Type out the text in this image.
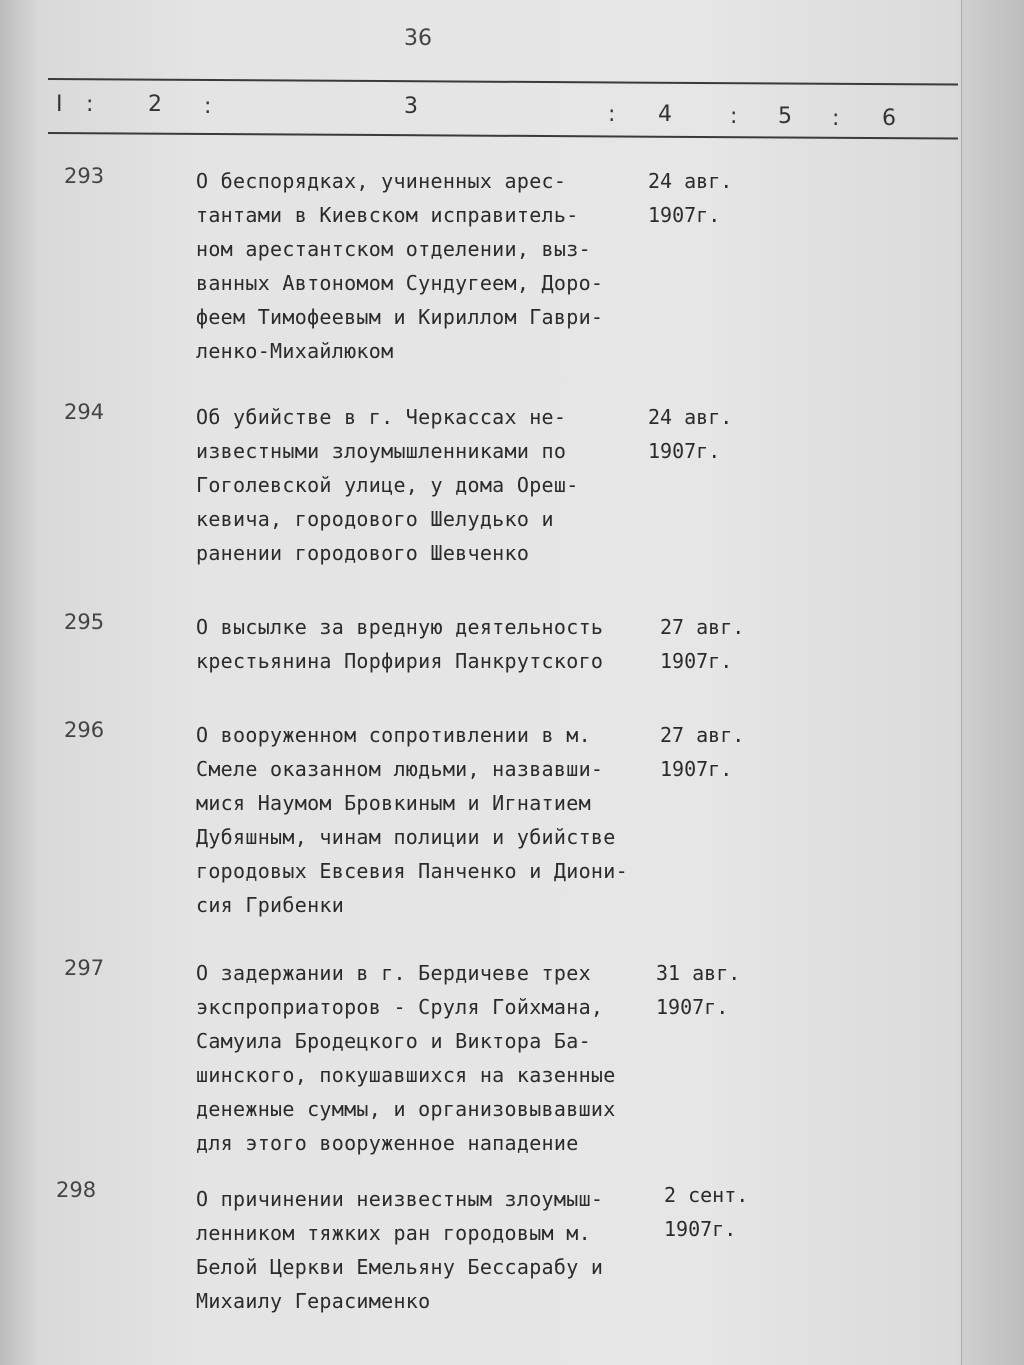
36
I : 2 :	3	: 4	: 5 : 6
293	О беспорядках, учиненных арес-
тантами в Киевском исправитель-
ном арестантском отделении, выз-
ванных Автономом Сундугеем, Доро-
феем Тимофеевым и Кириллом Гаври-
ленко-Михайлюком
24 авг.
1907г.
294	Об убийстве в г. Черкассах не-
известными злоумышленниками по
Гоголевской улице, у дома Ореш-
кевича, городового Шелудько и
ранении городового Шевченко
24 авг.
1907г.
295	О высылке за вредную деятельность
крестьянина Порфирия Панкрутского
27 авг.
1907г.
296	О вооруженном сопротивлении в м.
Смеле оказанном людьми, назвавши-
мися Наумом Бровкиным и Игнатием
Дубяшным, чинам полиции и убийстве
городовых Евсевия Панченко и Диони-
сия Грибенки
27 авг.
1907г.
297	О задержании в г. Бердичеве трех
экспроприаторов - Сруля Гойхмана,
Самуила Бродецкого и Виктора Ба-
шинского, покушавшихся на казенные
денежные суммы, и организовывавших
для этого вооруженное нападение
31 авг.
1907г.
298	О причинении неизвестным злоумыш-
ленником тяжких ран городовым м.
Белой Церкви Емельяну Бессарабу и
Михаилу Герасименко
2 сент.
1907г.
